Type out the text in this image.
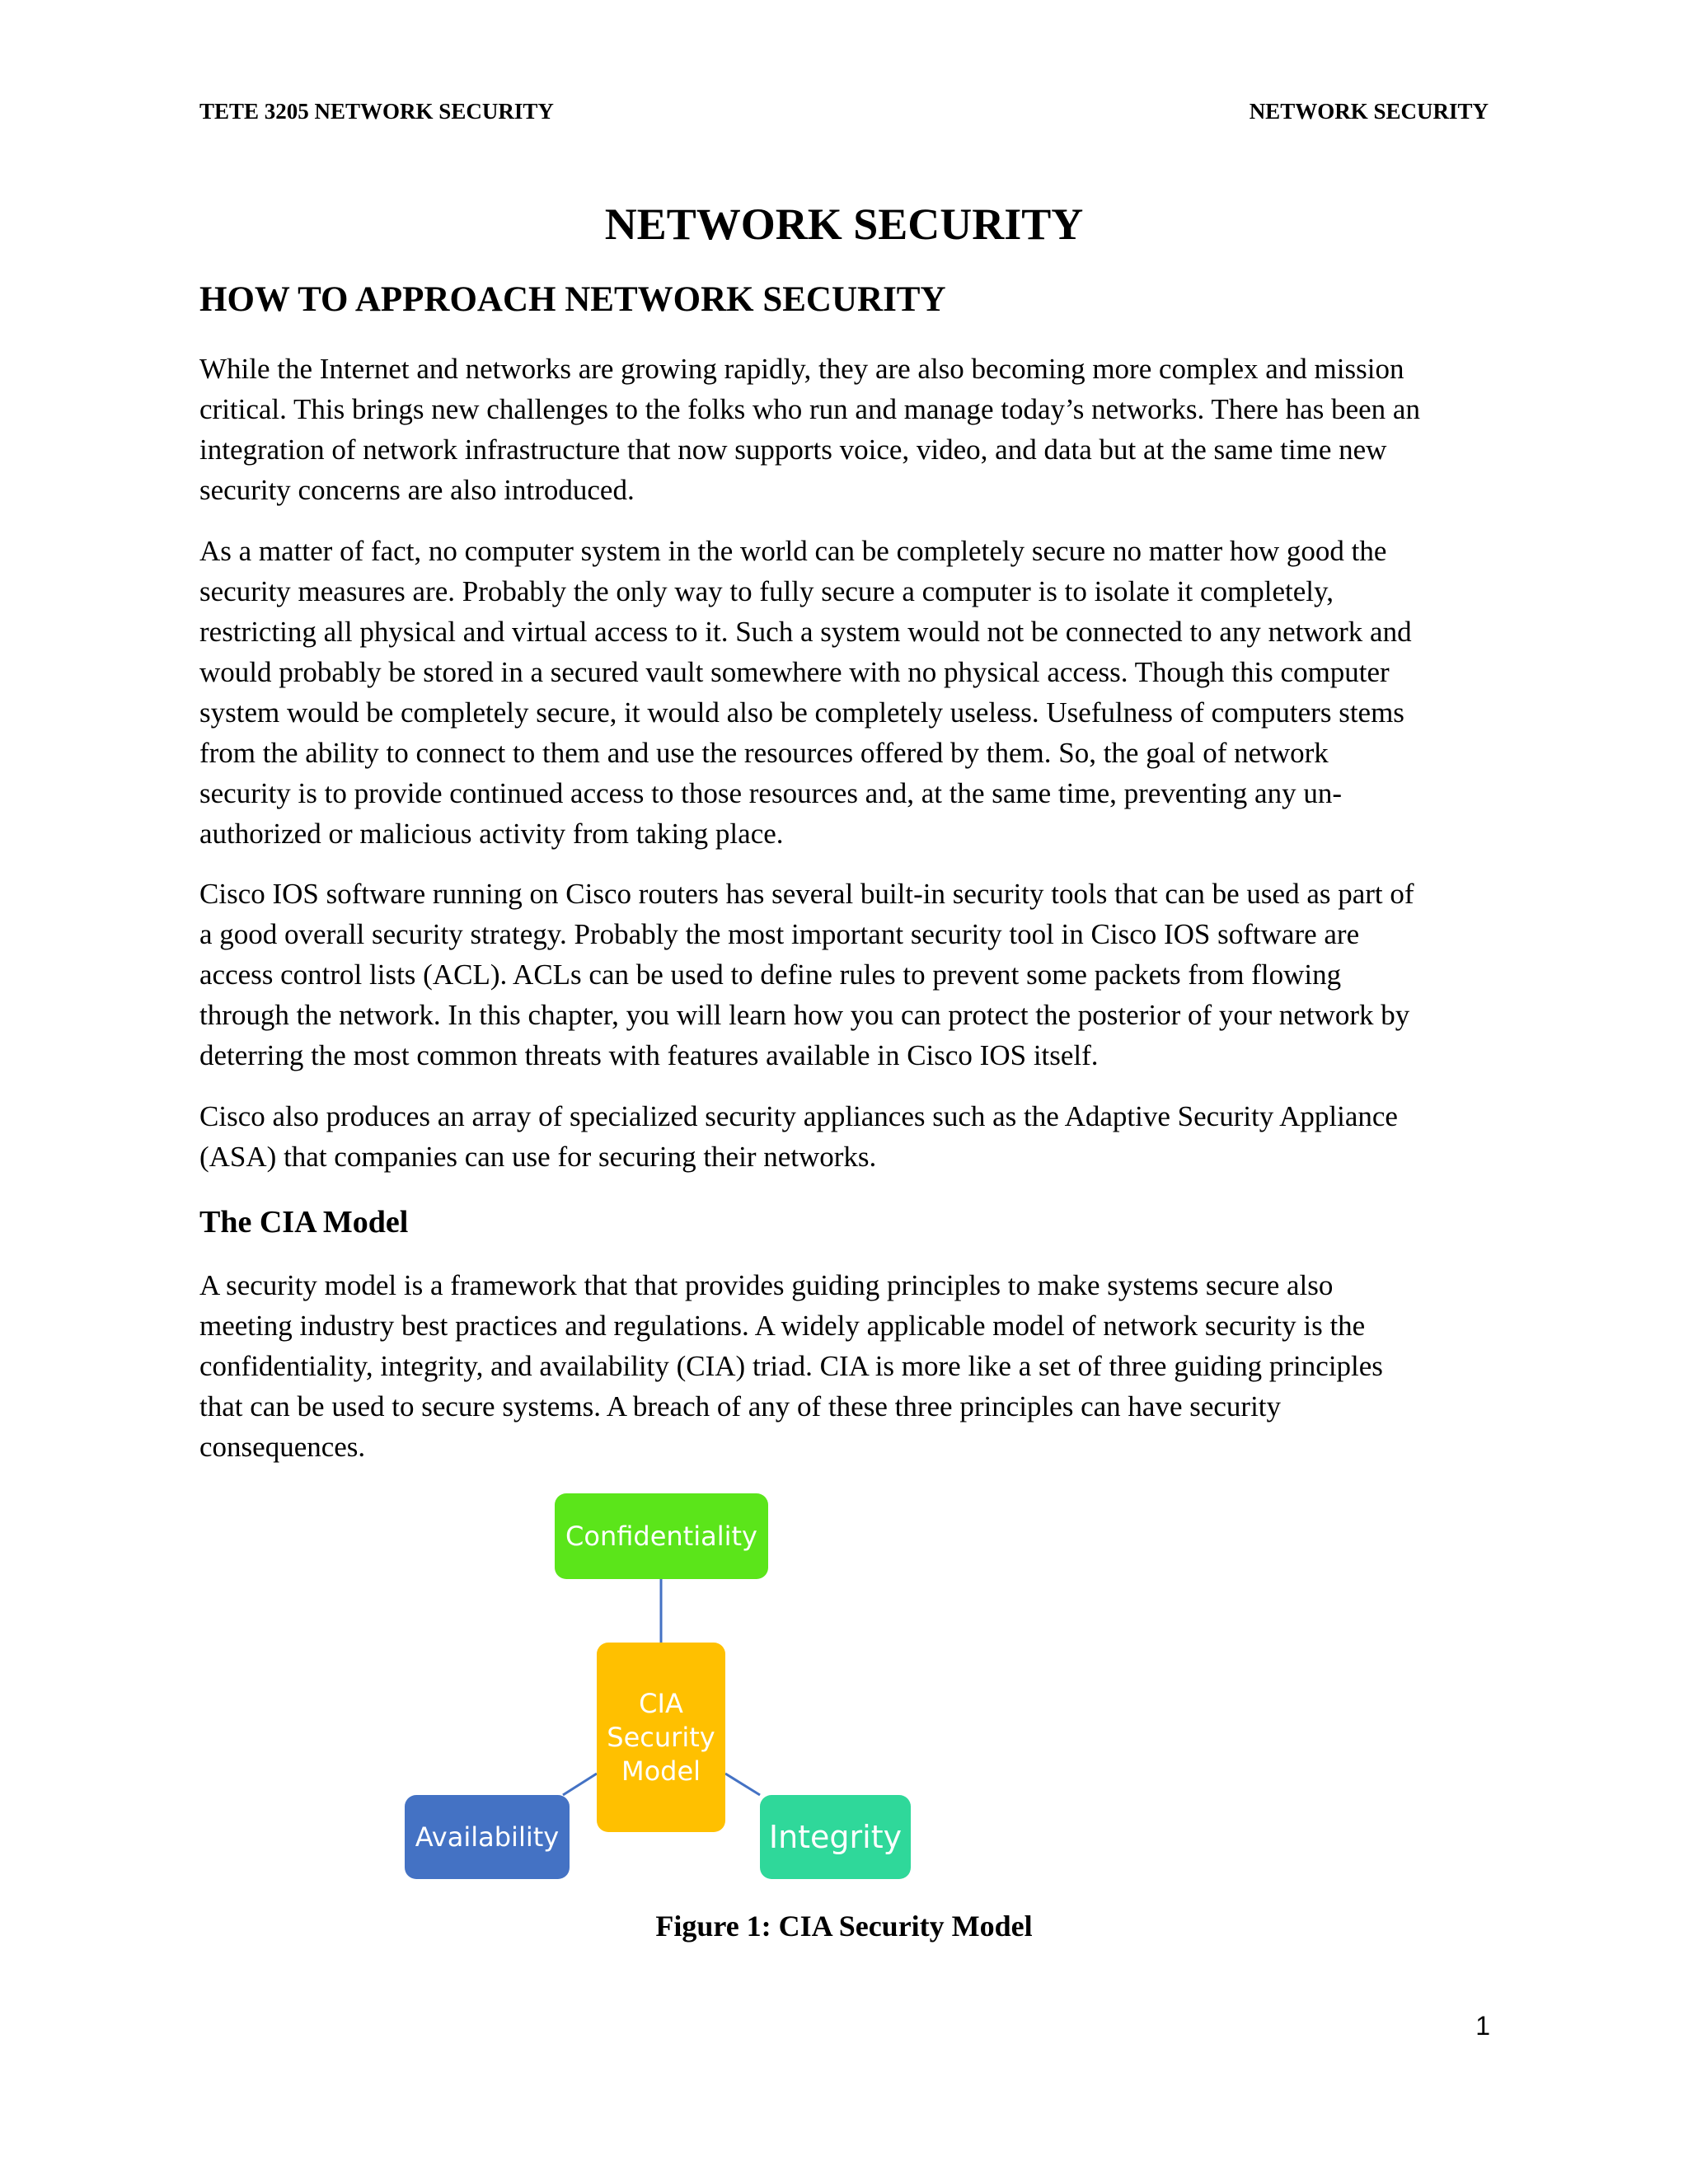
TETE 3205 NETWORK SECURITY	NETWORK SECURITY
NETWORK SECURITY
HOW TO APPROACH NETWORK SECURITY

While the Internet and networks are growing rapidly, they are also becoming more complex and mission
critical. This brings new challenges to the folks who run and manage today’s networks. There has been an
integration of network infrastructure that now supports voice, video, and data but at the same time new
security concerns are also introduced.

As a matter of fact, no computer system in the world can be completely secure no matter how good the
security measures are. Probably the only way to fully secure a computer is to isolate it completely,
restricting all physical and virtual access to it. Such a system would not be connected to any network and
would probably be stored in a secured vault somewhere with no physical access. Though this computer
system would be completely secure, it would also be completely useless. Usefulness of computers stems
from the ability to connect to them and use the resources offered by them. So, the goal of network
security is to provide continued access to those resources and, at the same time, preventing any un-
authorized or malicious activity from taking place.

Cisco IOS software running on Cisco routers has several built-in security tools that can be used as part of
a good overall security strategy. Probably the most important security tool in Cisco IOS software are
access control lists (ACL). ACLs can be used to define rules to prevent some packets from flowing
through the network. In this chapter, you will learn how you can protect the posterior of your network by
deterring the most common threats with features available in Cisco IOS itself.

Cisco also produces an array of specialized security appliances such as the Adaptive Security Appliance
(ASA) that companies can use for securing their networks.

The CIA Model

A security model is a framework that that provides guiding principles to make systems secure also
meeting industry best practices and regulations. A widely applicable model of network security is the
confidentiality, integrity, and availability (CIA) triad. CIA is more like a set of three guiding principles
that can be used to secure systems. A breach of any of these three principles can have security
consequences.

Confidentiality
CIA
Security
Model
Availability	Integrity

Figure 1: CIA Security Model

1
